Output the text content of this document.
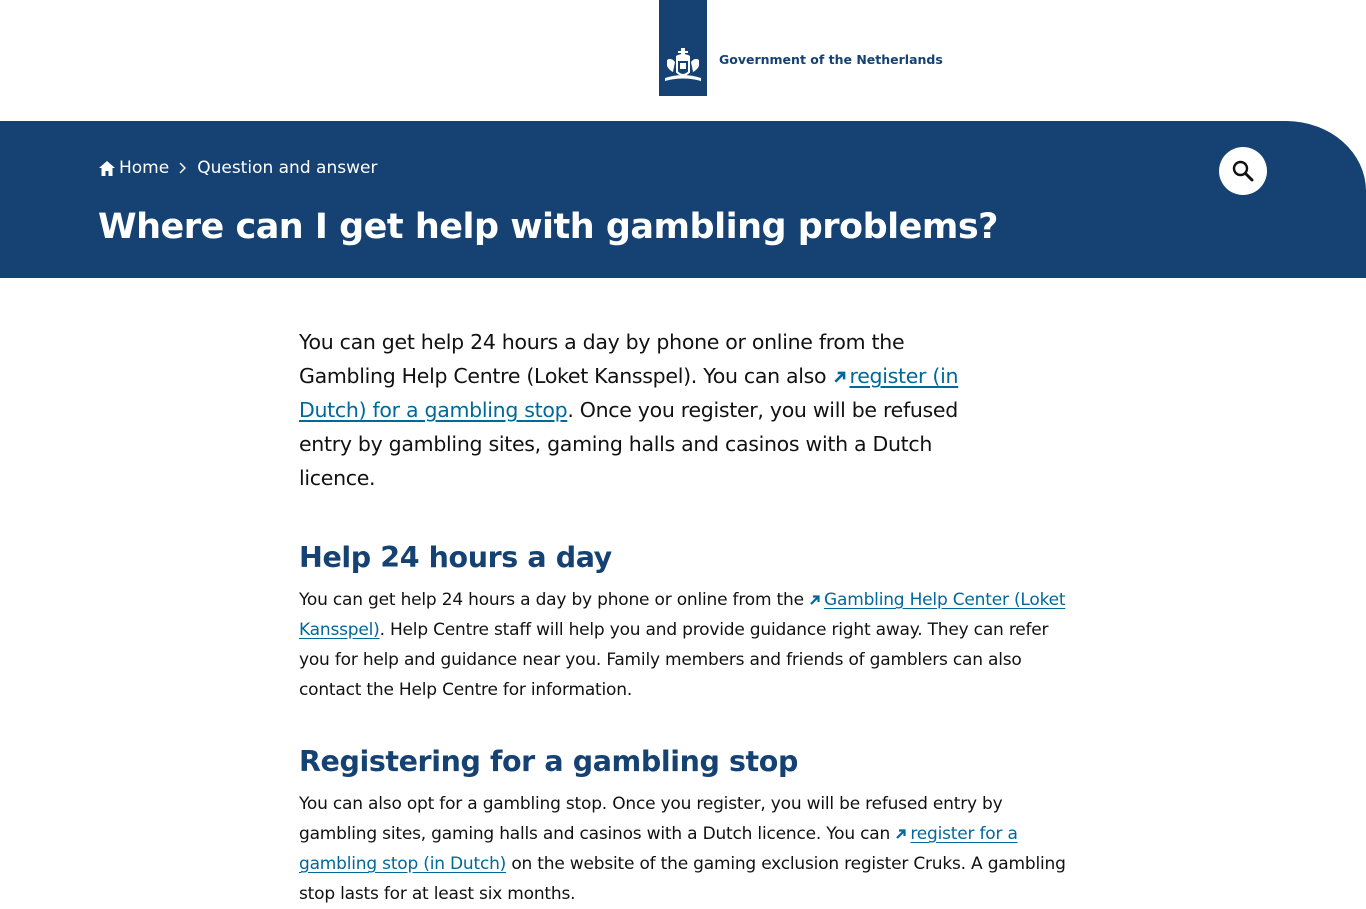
Government of the Netherlands
Home Question and answer
Where can I get help with gambling problems?

You can get help 24 hours a day by phone or online from the Gambling Help Centre (Loket Kansspel). You can also register (in Dutch) for a gambling stop. Once you register, you will be refused entry by gambling sites, gaming halls and casinos with a Dutch licence.

Help 24 hours a day

You can get help 24 hours a day by phone or online from the Gambling Help Center (Loket Kansspel). Help Centre staff will help you and provide guidance right away. They can refer you for help and guidance near you. Family members and friends of gamblers can also contact the Help Centre for information.

Registering for a gambling stop

You can also opt for a gambling stop. Once you register, you will be refused entry by gambling sites, gaming halls and casinos with a Dutch licence. You can register for a gambling stop (in Dutch) on the website of the gaming exclusion register Cruks. A gambling stop lasts for at least six months.
